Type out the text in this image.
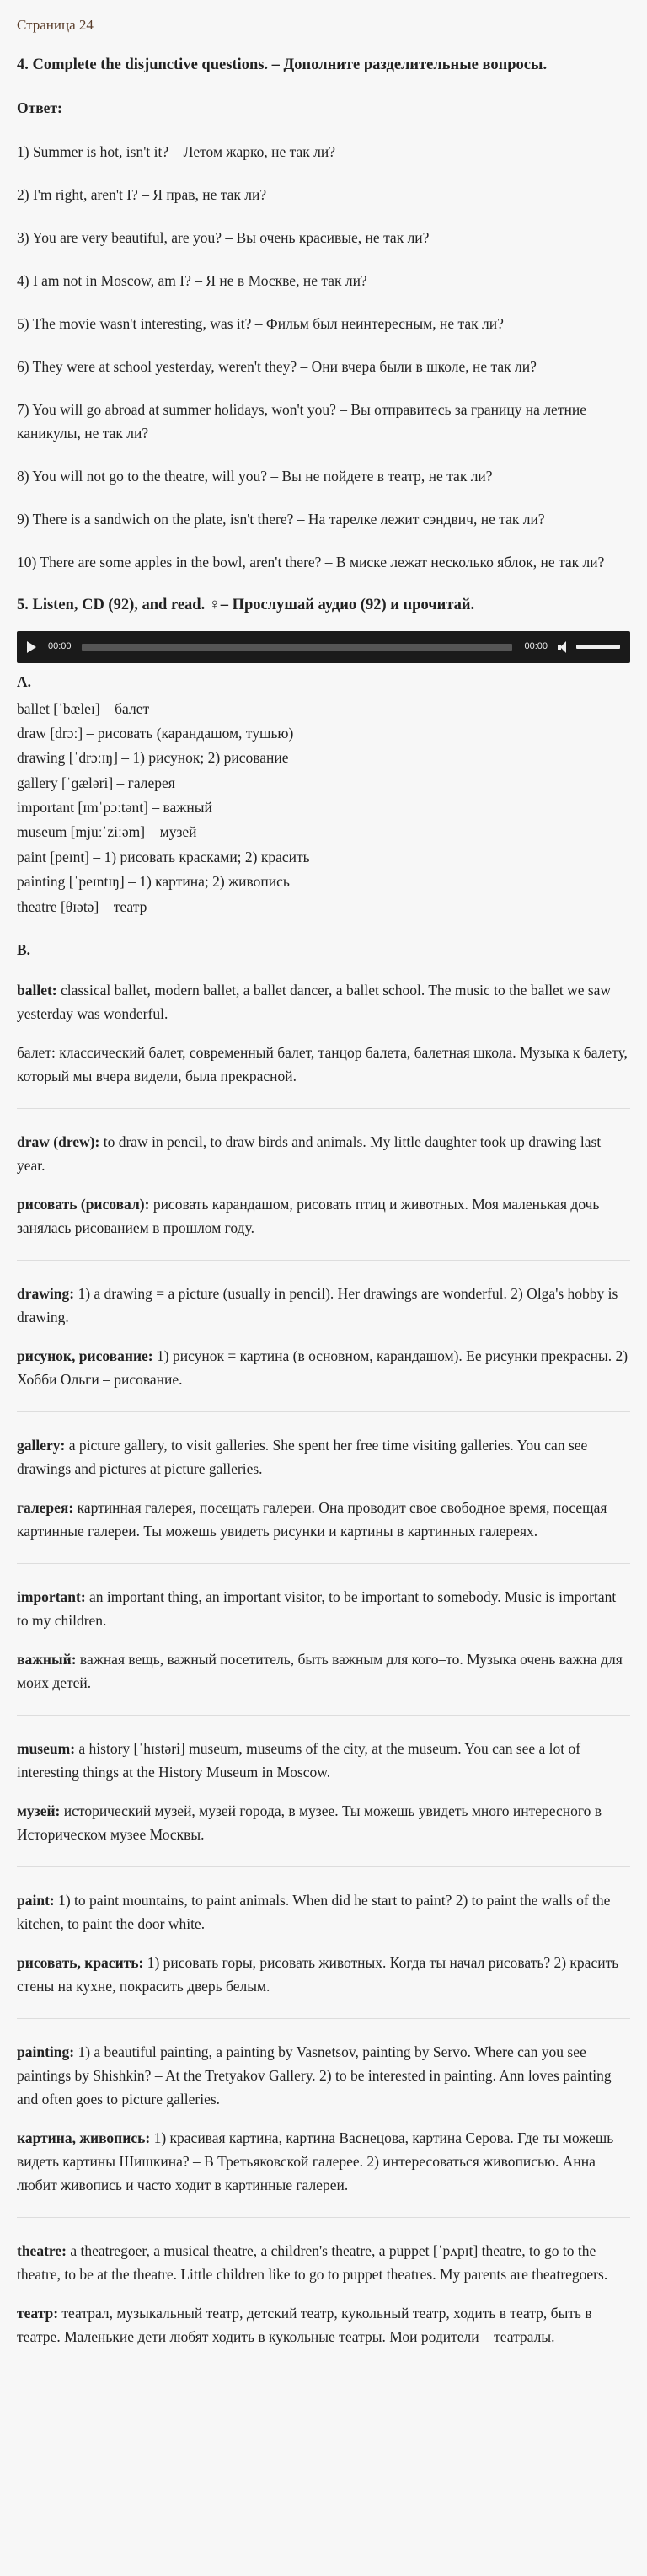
Страница 24
4. Complete the disjunctive questions. – Дополните разделительные вопросы.
Ответ:

1) Summer is hot, isn't it? – Летом жарко, не так ли?

2) I'm right, aren't I? – Я прав, не так ли?

3) You are very beautiful, are you? – Вы очень красивые, не так ли?

4) I am not in Moscow, am I? – Я не в Москве, не так ли?

5) The movie wasn't interesting, was it? – Фильм был неинтересным, не так ли?

6) They were at school yesterday, weren't they? – Они вчера были в школе, не так ли?

7) You will go abroad at summer holidays, won't you? – Вы отправитесь за границу на летние каникулы, не так ли?

8) You will not go to the theatre, will you? – Вы не пойдете в театр, не так ли?

9) There is a sandwich on the plate, isn't there? – На тарелке лежит сэндвич, не так ли?

10) There are some apples in the bowl, aren't there? – В миске лежат несколько яблок, не так ли?

5. Listen, CD (92), and read. ♀– Прослушай аудио (92) и прочитай.
00:00	00:00
A.

ballet [ˈbæleɪ] – балет

draw [drɔː] – рисовать (карандашом, тушью)

drawing [ˈdrɔːɪŋ] – 1) рисунок; 2) рисование

gallery [ˈɡæləri] – галерея

important [ɪmˈpɔːtənt] – важный

museum [mjuːˈziːəm] – музей

paint [peɪnt] – 1) рисовать красками; 2) красить

painting [ˈpeɪntɪŋ] – 1) картина; 2) живопись

theatre [θɪətə] – театр

B.

ballet: classical ballet, modern ballet, a ballet dancer, a ballet school. The music to the ballet we saw yesterday was wonderful.

балет: классический балет, современный балет, танцор балета, балетная школа. Музыка к балету, который мы вчера видели, была прекрасной.

draw (drew): to draw in pencil, to draw birds and animals. My little daughter took up drawing last year.

рисовать (рисовал): рисовать карандашом, рисовать птиц и животных. Моя маленькая дочь занялась рисованием в прошлом году.

drawing: 1) a drawing = a picture (usually in pencil). Her drawings are wonderful. 2) Olga's hobby is drawing.

рисунок, рисование: 1) рисунок = картина (в основном, карандашом). Ее рисунки прекрасны. 2) Хобби Ольги – рисование.

gallery: a picture gallery, to visit galleries. She spent her free time visiting galleries. You can see drawings and pictures at picture galleries.

галерея: картинная галерея, посещать галереи. Она проводит свое свободное время, посещая картинные галереи. Ты можешь увидеть рисунки и картины в картинных галереях.

important: an important thing, an important visitor, to be important to somebody. Music is important to my children.

важный: важная вещь, важный посетитель, быть важным для кого–то. Музыка очень важна для моих детей.

museum: a history [ˈhɪstəri] museum, museums of the city, at the museum. You can see a lot of interesting things at the History Museum in Moscow.

музей: исторический музей, музей города, в музее. Ты можешь увидеть много интересного в Историческом музее Москвы.

paint: 1) to paint mountains, to paint animals. When did he start to paint? 2) to paint the walls of the kitchen, to paint the door white.

рисовать, красить: 1) рисовать горы, рисовать животных. Когда ты начал рисовать? 2) красить стены на кухне, покрасить дверь белым.

painting: 1) a beautiful painting, a painting by Vasnetsov, painting by Servo. Where can you see paintings by Shishkin? – At the Tretyakov Gallery. 2) to be interested in painting. Ann loves painting and often goes to picture galleries.

картина, живопись: 1) красивая картина, картина Васнецова, картина Серова. Где ты можешь видеть картины Шишкина? – В Третьяковской галерее. 2) интересоваться живописью. Анна любит живопись и часто ходит в картинные галереи.

theatre: a theatregoer, a musical theatre, a children's theatre, a puppet [ˈpʌpɪt] theatre, to go to the theatre, to be at the theatre. Little children like to go to puppet theatres. My parents are theatregoers.

театр: театрал, музыкальный театр, детский театр, кукольный театр, ходить в театр, быть в театре. Маленькие дети любят ходить в кукольные театры. Мои родители – театралы.
